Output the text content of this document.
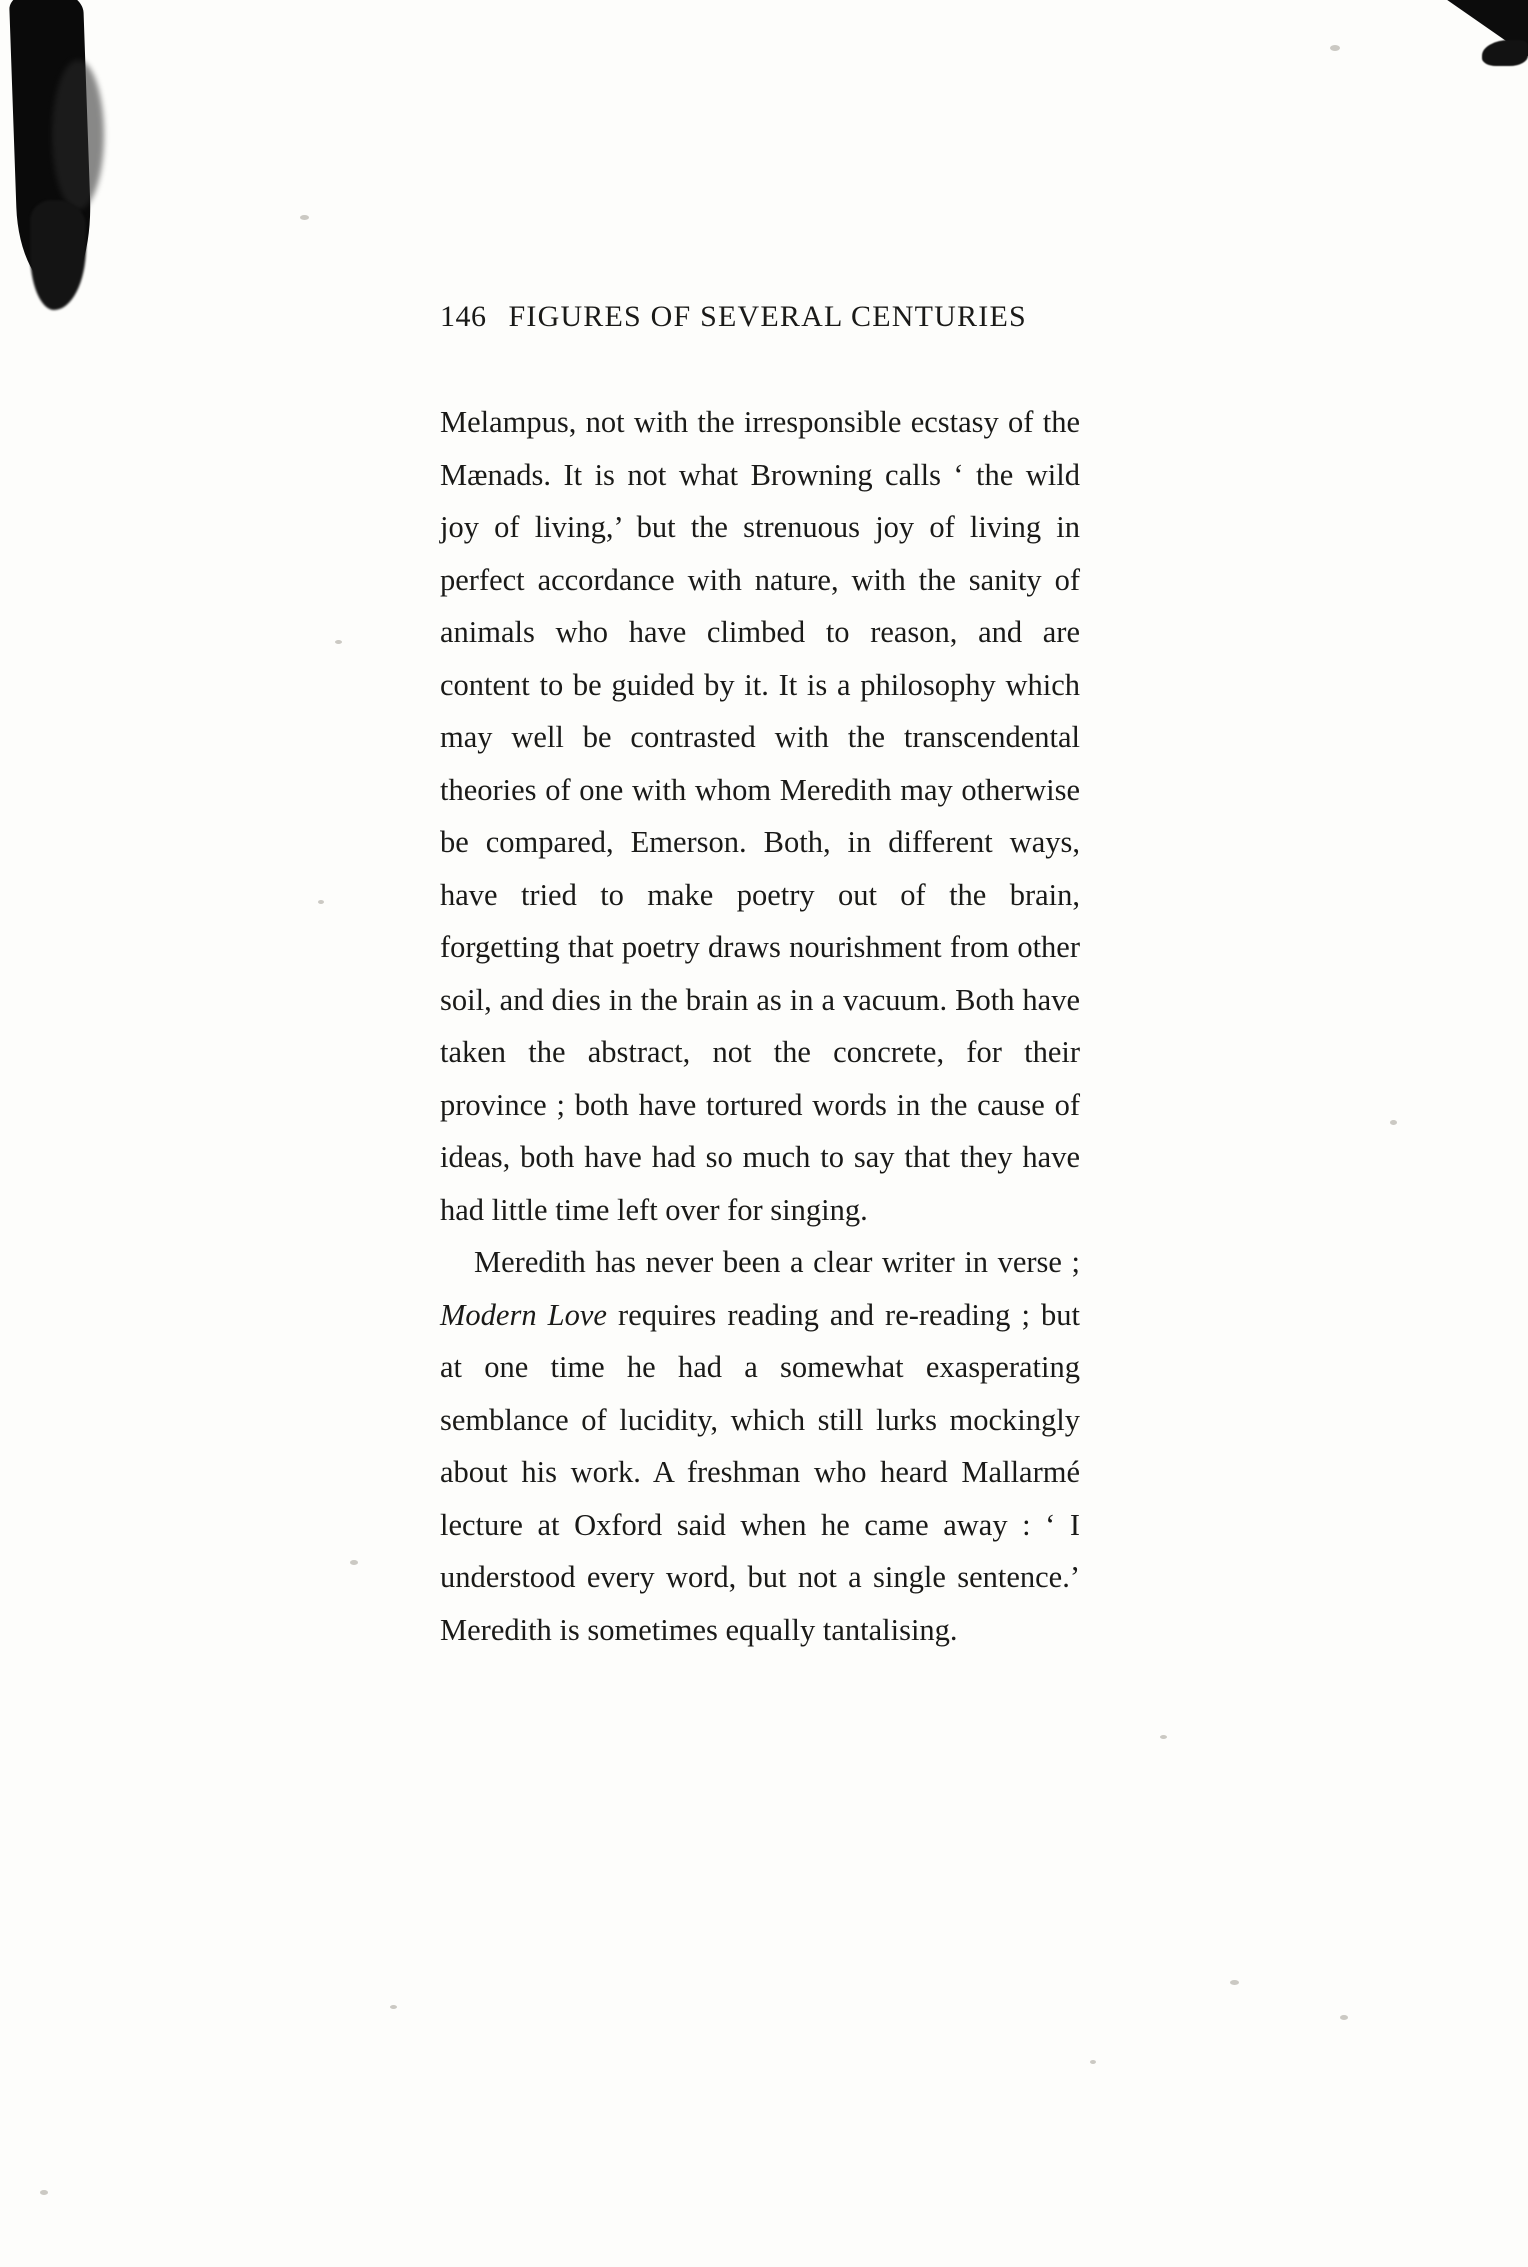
146 FIGURES OF SEVERAL CENTURIES

Melampus, not with the irresponsible ecstasy of the Mænads. It is not what Browning calls ‘ the wild joy of living,’ but the strenuous joy of living in perfect accordance with nature, with the sanity of animals who have climbed to reason, and are content to be guided by it. It is a philosophy which may well be contrasted with the transcendental theories of one with whom Meredith may otherwise be compared, Emerson. Both, in different ways, have tried to make poetry out of the brain, forgetting that poetry draws nourishment from other soil, and dies in the brain as in a vacuum. Both have taken the abstract, not the concrete, for their province ; both have tortured words in the cause of ideas, both have had so much to say that they have had little time left over for singing.

Meredith has never been a clear writer in verse ; Modern Love requires reading and re-reading ; but at one time he had a somewhat exasperating semblance of lucidity, which still lurks mockingly about his work. A freshman who heard Mallarmé lecture at Oxford said when he came away : ‘ I understood every word, but not a single sentence.’ Meredith is sometimes equally tantalising.
